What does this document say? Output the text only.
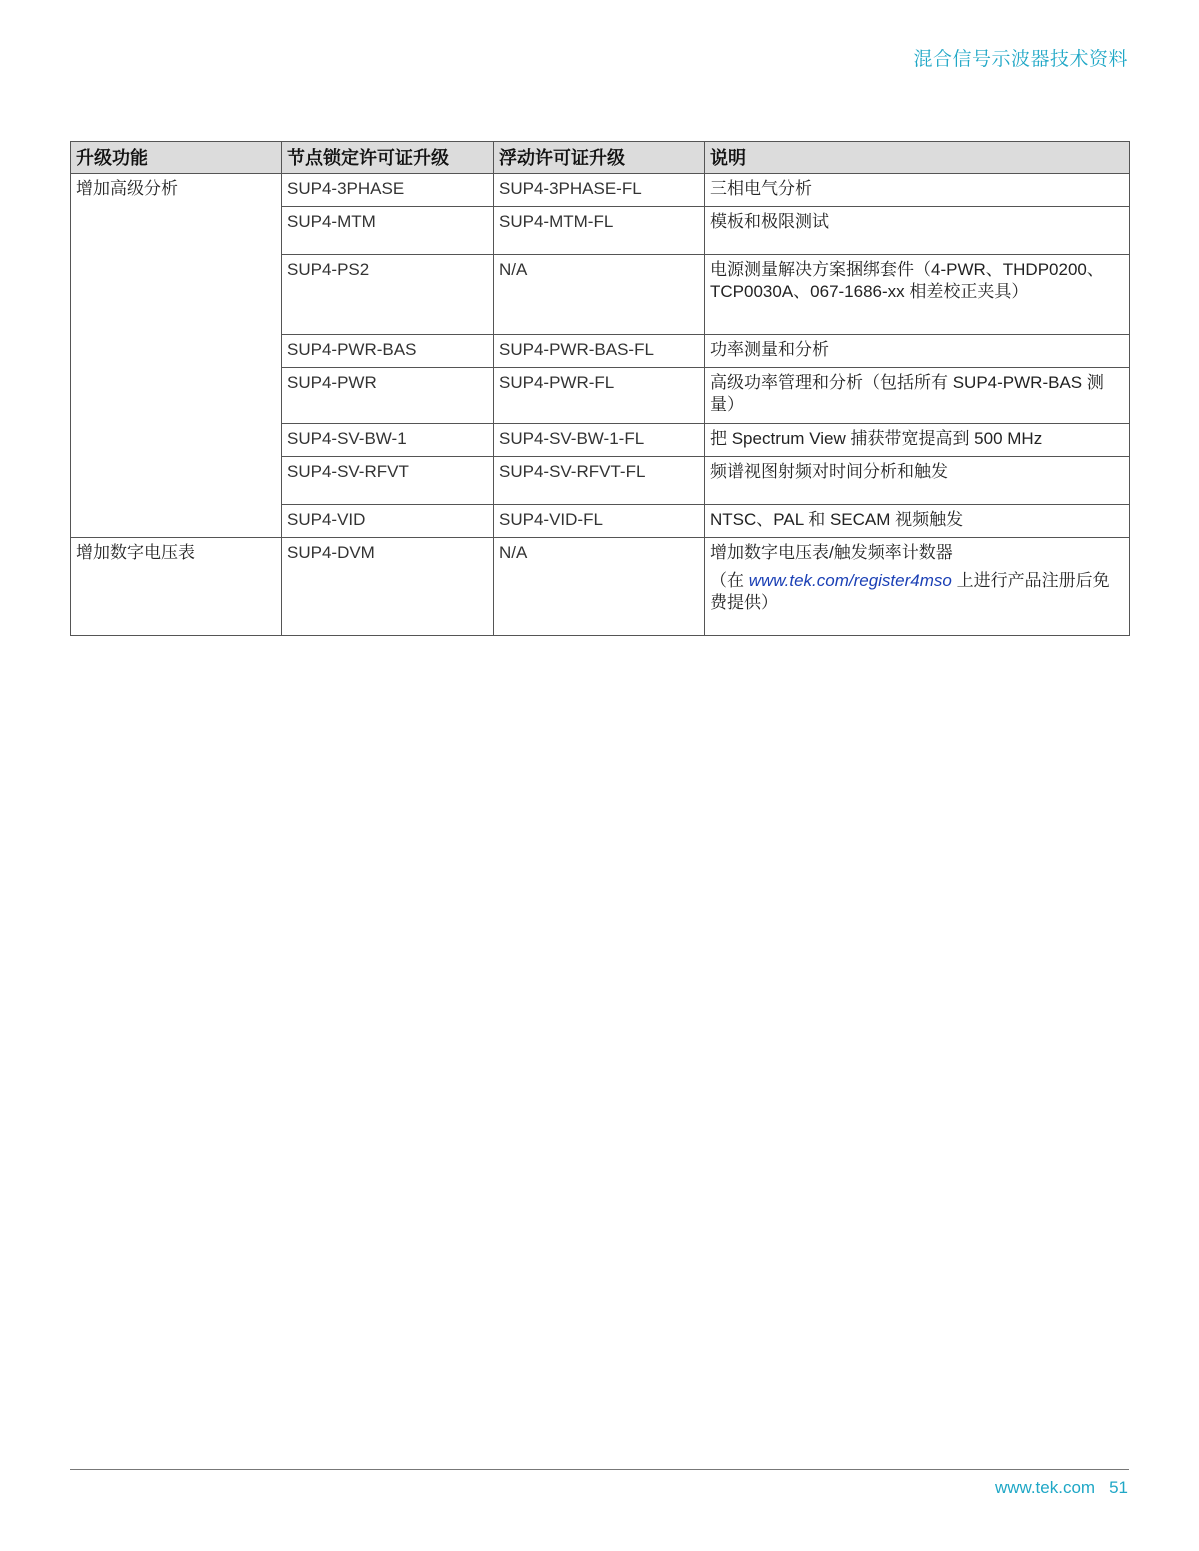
混合信号示波器技术资料
升级功能	节点锁定许可证升级	浮动许可证升级	说明
增加高级分析	SUP4-3PHASE	SUP4-3PHASE-FL	三相电气分析
	SUP4-MTM	SUP4-MTM-FL	模板和极限测试
	SUP4-PS2	N/A	电源测量解决方案捆绑套件（4-PWR、THDP0200、TCP0030A、067-1686-xx 相差校正夹具）
	SUP4-PWR-BAS	SUP4-PWR-BAS-FL	功率测量和分析
	SUP4-PWR	SUP4-PWR-FL	高级功率管理和分析（包括所有 SUP4-PWR-BAS 测量）
	SUP4-SV-BW-1	SUP4-SV-BW-1-FL	把 Spectrum View 捕获带宽提高到 500 MHz
	SUP4-SV-RFVT	SUP4-SV-RFVT-FL	频谱视图射频对时间分析和触发
	SUP4-VID	SUP4-VID-FL	NTSC、PAL 和 SECAM 视频触发
增加数字电压表	SUP4-DVM	N/A	增加数字电压表/触发频率计数器
（在 www.tek.com/register4mso 上进行产品注册后免费提供）
www.tek.com 51
